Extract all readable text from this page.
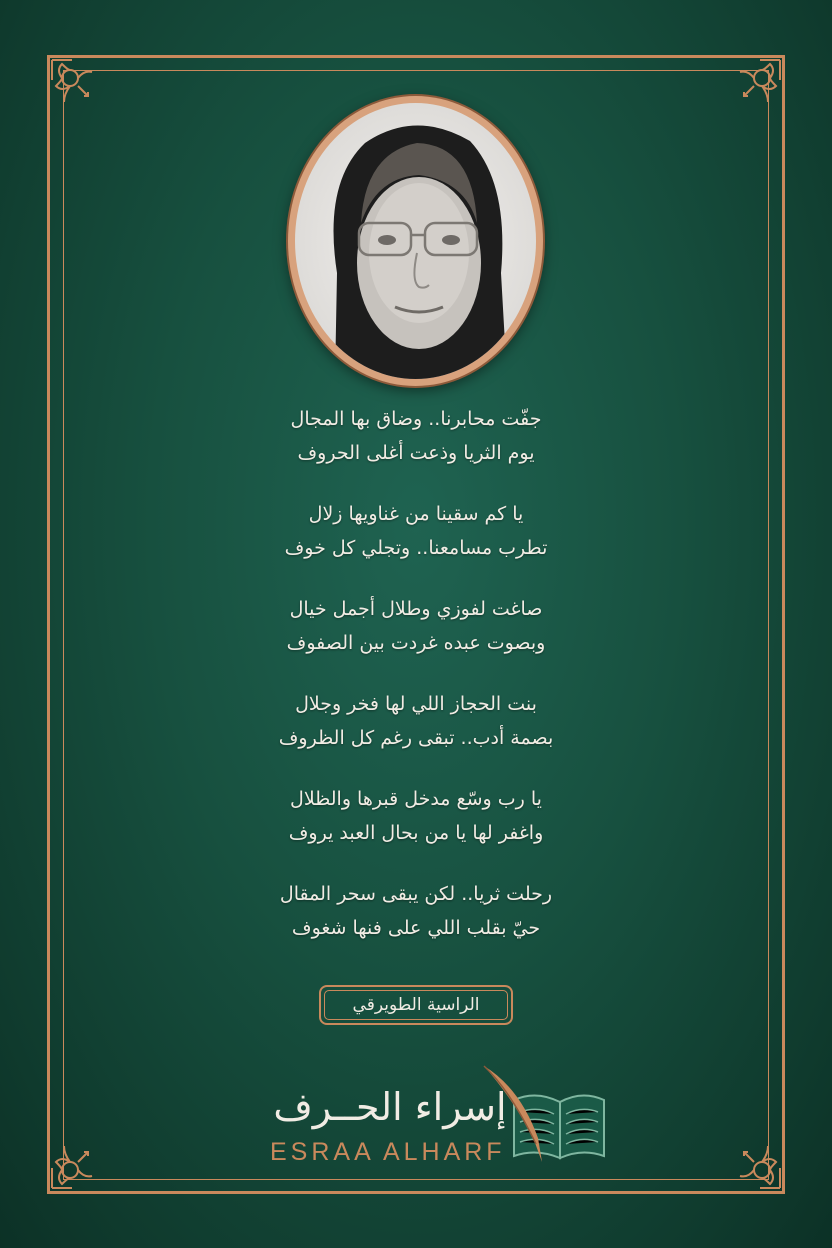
جفّت محابرنا.. وضاق بها المجال
يوم الثريا وذعت أغلى الحروف
يا كم سقينا من غناويها زلال
تطرب مسامعنا.. وتجلي كل خوف
صاغت لفوزي وطلال أجمل خيال
وبصوت عبده غردت بين الصفوف
بنت الحجاز اللي لها فخر وجلال
بصمة أدب.. تبقى رغم كل الظروف
يا رب وسّع مدخل قبرها والظلال
واغفر لها يا من بحال العبد يروف
رحلت ثريا.. لكن يبقى سحر المقال
حيّ بقلب اللي على فنها شغوف
الراسية الطويرقي
إسراء الحــرف
ESRAA ALHARF
